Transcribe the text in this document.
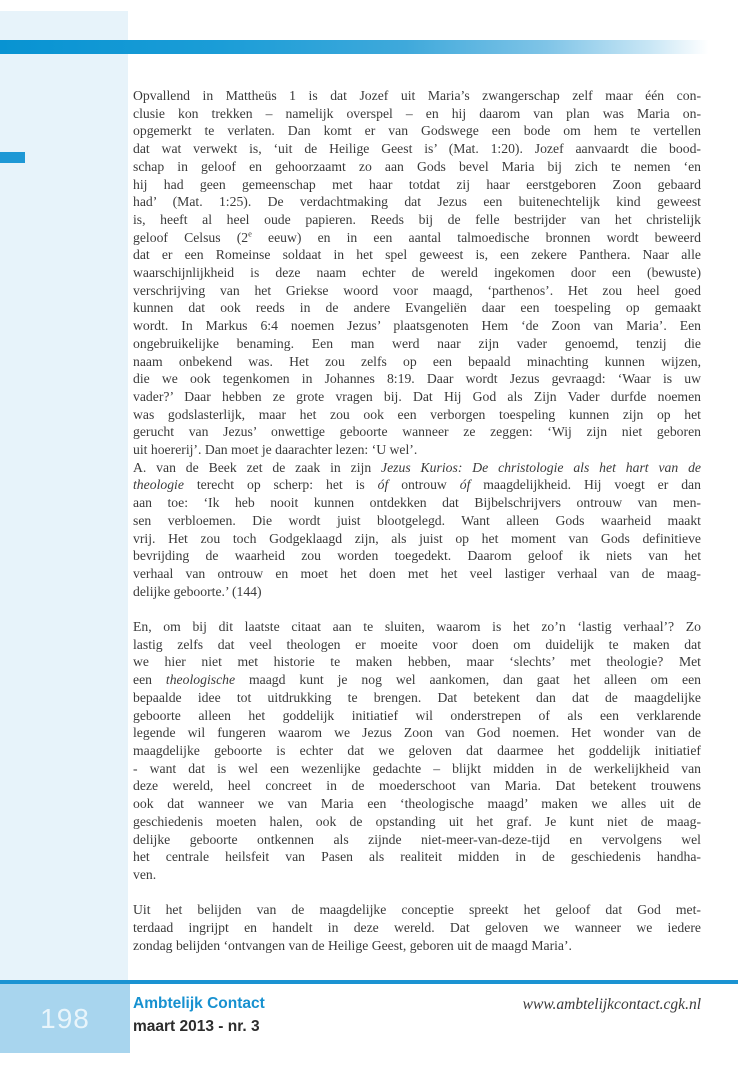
Opvallend in Mattheüs 1 is dat Jozef uit Maria’s zwangerschap zelf maar één con-
clusie kon trekken – namelijk overspel – en hij daarom van plan was Maria on-
opgemerkt te verlaten. Dan komt er van Godswege een bode om hem te vertellen
dat wat verwekt is, ‘uit de Heilige Geest is’ (Mat. 1:20). Jozef aanvaardt die bood-
schap in geloof en gehoorzaamt zo aan Gods bevel Maria bij zich te nemen ‘en
hij had geen gemeenschap met haar totdat zij haar eerstgeboren Zoon gebaard
had’ (Mat. 1:25). De verdachtmaking dat Jezus een buitenechtelijk kind geweest
is, heeft al heel oude papieren. Reeds bij de felle bestrijder van het christelijk
geloof Celsus (2e eeuw) en in een aantal talmoedische bronnen wordt beweerd
dat er een Romeinse soldaat in het spel geweest is, een zekere Panthera. Naar alle
waarschijnlijkheid is deze naam echter de wereld ingekomen door een (bewuste)
verschrijving van het Griekse woord voor maagd, ‘parthenos’. Het zou heel goed
kunnen dat ook reeds in de andere Evangeliën daar een toespeling op gemaakt
wordt. In Markus 6:4 noemen Jezus’ plaatsgenoten Hem ‘de Zoon van Maria’. Een
ongebruikelijke benaming. Een man werd naar zijn vader genoemd, tenzij die
naam onbekend was. Het zou zelfs op een bepaald minachting kunnen wijzen,
die we ook tegenkomen in Johannes 8:19. Daar wordt Jezus gevraagd: ‘Waar is uw
vader?’ Daar hebben ze grote vragen bij. Dat Hij God als Zijn Vader durfde noemen
was godslasterlijk, maar het zou ook een verborgen toespeling kunnen zijn op het
gerucht van Jezus’ onwettige geboorte wanneer ze zeggen: ‘Wij zijn niet geboren
uit hoererij’. Dan moet je daarachter lezen: ‘U wel’.
A. van de Beek zet de zaak in zijn Jezus Kurios: De christologie als het hart van de
theologie terecht op scherp: het is óf ontrouw óf maagdelijkheid. Hij voegt er dan
aan toe: ‘Ik heb nooit kunnen ontdekken dat Bijbelschrijvers ontrouw van men-
sen verbloemen. Die wordt juist blootgelegd. Want alleen Gods waarheid maakt
vrij. Het zou toch Godgeklaagd zijn, als juist op het moment van Gods definitieve
bevrijding de waarheid zou worden toegedekt. Daarom geloof ik niets van het
verhaal van ontrouw en moet het doen met het veel lastiger verhaal van de maag-
delijke geboorte.’ (144)
En, om bij dit laatste citaat aan te sluiten, waarom is het zo’n ‘lastig verhaal’? Zo
lastig zelfs dat veel theologen er moeite voor doen om duidelijk te maken dat
we hier niet met historie te maken hebben, maar ‘slechts’ met theologie? Met
een theologische maagd kunt je nog wel aankomen, dan gaat het alleen om een
bepaalde idee tot uitdrukking te brengen. Dat betekent dan dat de maagdelijke
geboorte alleen het goddelijk initiatief wil onderstrepen of als een verklarende
legende wil fungeren waarom we Jezus Zoon van God noemen. Het wonder van de
maagdelijke geboorte is echter dat we geloven dat daarmee het goddelijk initiatief
- want dat is wel een wezenlijke gedachte – blijkt midden in de werkelijkheid van
deze wereld, heel concreet in de moederschoot van Maria. Dat betekent trouwens
ook dat wanneer we van Maria een ‘theologische maagd’ maken we alles uit de
geschiedenis moeten halen, ook de opstanding uit het graf. Je kunt niet de maag-
delijke geboorte ontkennen als zijnde niet-meer-van-deze-tijd en vervolgens wel
het centrale heilsfeit van Pasen als realiteit midden in de geschiedenis handha-
ven.
Uit het belijden van de maagdelijke conceptie spreekt het geloof dat God met-
terdaad ingrijpt en handelt in deze wereld. Dat geloven we wanneer we iedere
zondag belijden ‘ontvangen van de Heilige Geest, geboren uit de maagd Maria’.
198	Ambtelijk Contact
maart 2013 - nr. 3
www.ambtelijkcontact.cgk.nl
